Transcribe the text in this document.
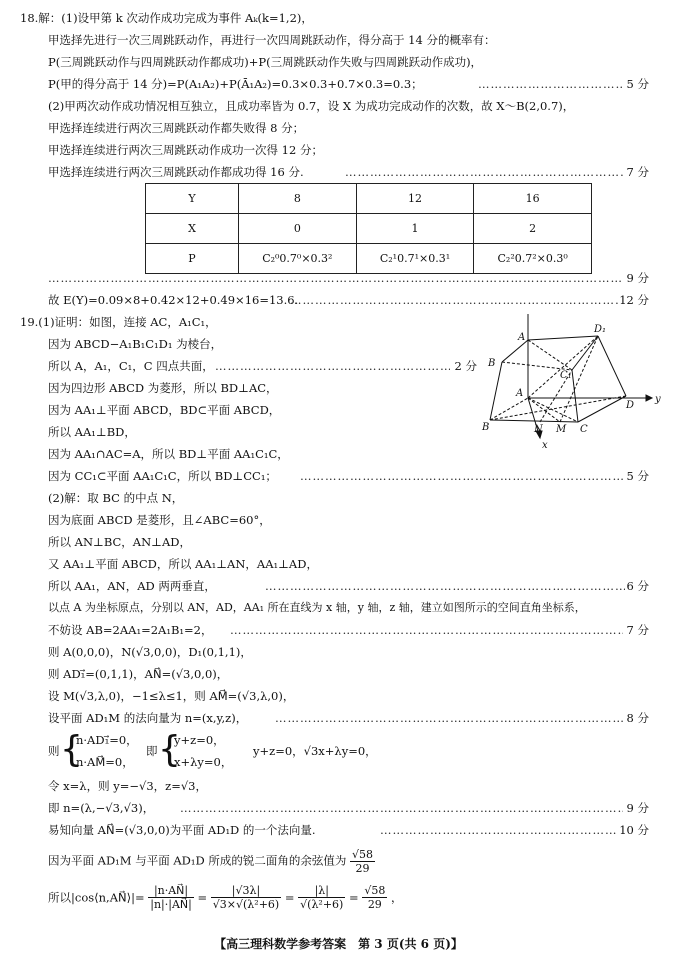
18.解：(1)设甲第 k 次动作成功完成为事件 Aₖ(k=1,2)，
甲选择先进行一次三周跳跃动作，再进行一次四周跳跃动作，得分高于 14 分的概率有：
P(三周跳跃动作与四周跳跃动作都成功)+P(三周跳跃动作失败与四周跳跃动作成功)，
P(甲的得分高于 14 分)=P(A₁A₂)+P(Ā₁A₂)=0.3×0.3+0.7×0.3=0.3； ……………………………………………………………………………………………………………………………………………………………………………………………………………………	5 分
(2)甲两次动作成功情况相互独立，且成功率皆为 0.7，设 X 为成功完成动作的次数，故 X～B(2,0.7)，
甲选择连续进行两次三周跳跃动作都失败得 8 分；
甲选择连续进行两次三周跳跃动作成功一次得 12 分；
甲选择连续进行两次三周跳跃动作都成功得 16 分. ……………………………………………………………………………………………………………………………………………………………………………………………………………………	7 分
Y	8	12	16
X	0	1	2
P	C₂⁰0.7⁰×0.3²	C₂¹0.7¹×0.3¹	C₂²0.7²×0.3⁰
……………………………………………………………………………………………………………………………………………………………………………………………………………………
9 分
故 E(Y)=0.09×8+0.42×12+0.49×16=13.6. ……………………………………………………………………………………………………………………………………………………………………………………………………………………	12 分
19.(1)证明：如图，连接 AC，A₁C₁，
因为 ABCD−A₁B₁C₁D₁ 为棱台，
所以 A，A₁，C₁，C 四点共面， ……………………………………………………………………………………………………………………………………………………………………………………………………………………	2 分
因为四边形 ABCD 为菱形，所以 BD⊥AC，
因为 AA₁⊥平面 ABCD，BD⊂平面 ABCD，
所以 AA₁⊥BD，
因为 AA₁∩AC=A，所以 BD⊥平面 AA₁C₁C，
因为 CC₁⊂平面 AA₁C₁C，所以 BD⊥CC₁； ……………………………………………………………………………………………………………………………………………………………………………………………………………………	5 分
(2)解：取 BC 的中点 N，
因为底面 ABCD 是菱形，且∠ABC=60°，
所以 AN⊥BC，AN⊥AD，
又 AA₁⊥平面 ABCD，所以 AA₁⊥AN，AA₁⊥AD，
所以 AA₁，AN，AD 两两垂直， ……………………………………………………………………………………………………………………………………………………………………………………………………………………	6 分
以点 A 为坐标原点，分别以 AN，AD，AA₁ 所在直线为 x 轴，y 轴，z 轴，建立如图所示的空间直角坐标系，
不妨设 AB=2AA₁=2A₁B₁=2， ……………………………………………………………………………………………………………………………………………………………………………………………………………………	7 分
则 A(0,0,0)，N(√3,0,0)，D₁(0,1,1)，
则 AD₁⃗=(0,1,1)，AN⃗=(√3,0,0)，
设 M(√3,λ,0)，−1≤λ≤1，则 AM⃗=(√3,λ,0)，
设平面 AD₁M 的法向量为 n=(x,y,z)， ……………………………………………………………………………………………………………………………………………………………………………………………………………………	8 分
则 {
n·AD₁⃗=0，
n·AM⃗=0，
即 {
y+z=0，
x+λy=0，
y+z=0，√3x+λy=0，
令 x=λ，则 y=−√3，z=√3，
即 n=(λ,−√3,√3)， ……………………………………………………………………………………………………………………………………………………………………………………………………………………	9 分
易知向量 AN⃗=(√3,0,0)为平面 AD₁D 的一个法向量. ……………………………………………………………………………………………………………………………………………………………………………………………………………………	10 分
因为平面 AD₁M 与平面 AD₁D 所成的锐二面角的余弦值为 $\frac{√58}{29}$
所以|cos⟨n,AN⃗⟩|= $\frac{|n\cdot AN⃗|}{|n|\cdot|AN⃗|} = \frac{|√3\lambda|}{\text{√3×√(λ²+6)}} = \frac{|\lambda|}{\text{√(λ²+6)}} = \frac{√58}{29}$ ，
A
D₁
B
C₁
A
D
B	C
N M
x
y
【高三理科数学参考答案　第 3 页(共 6 页)】
